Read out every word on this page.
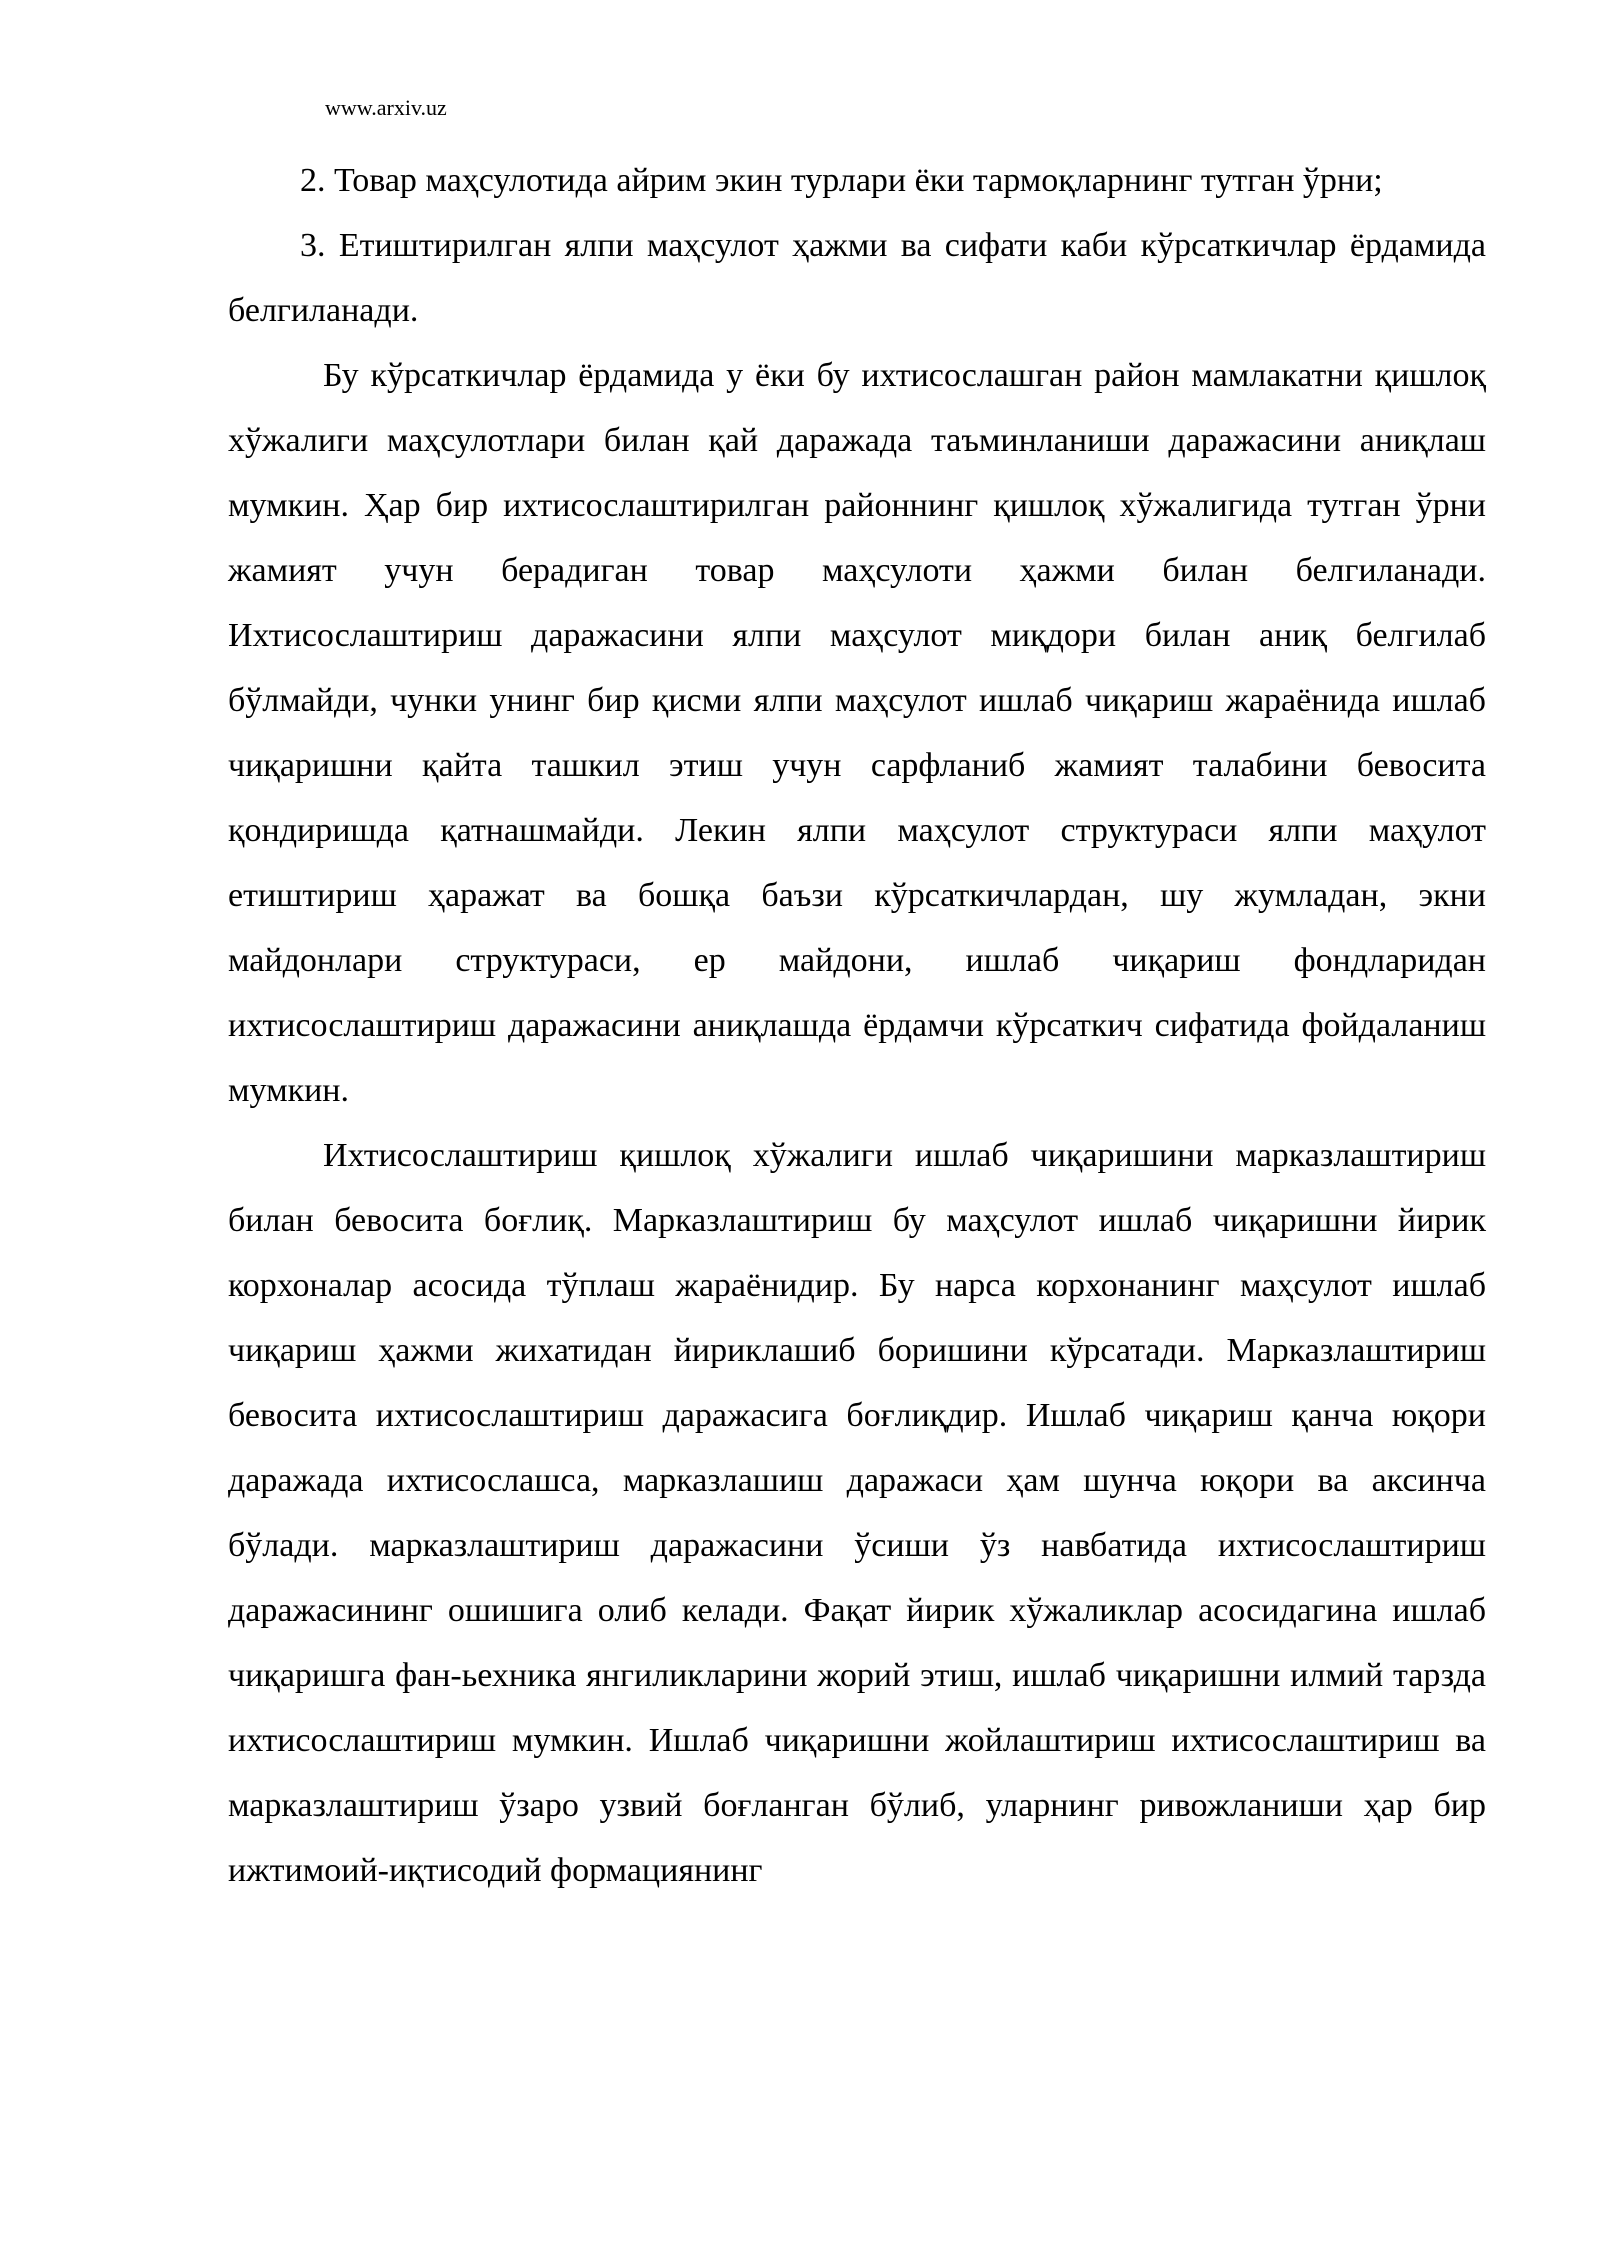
www.arxiv.uz

2. Товар маҳсулотида айрим экин турлари ёки тармоқларнинг тутган ўрни;

3. Етиштирилган ялпи маҳсулот ҳажми ва сифати каби кўрсаткичлар ёрдамида белгиланади.

Бу кўрсаткичлар ёрдамида у ёки бу ихтисослашган район мамлакатни қишлоқ хўжалиги маҳсулотлари билан қай даражада таъминланиши даражасини аниқлаш мумкин. Ҳар бир ихтисослаштирилган районнинг қишлоқ хўжалигида тутган ўрни жамият учун берадиган товар маҳсулоти ҳажми билан белгиланади. Ихтисослаштириш даражасини ялпи маҳсулот миқдори билан аниқ белгилаб бўлмайди, чунки унинг бир қисми ялпи маҳсулот ишлаб чиқариш жараёнида ишлаб чиқаришни қайта ташкил этиш учун сарфланиб жамият талабини бевосита қондиришда қатнашмайди. Лекин ялпи маҳсулот структураси ялпи маҳулот етиштириш ҳаражат ва бошқа баъзи кўрсаткичлардан, шу жумладан, экни майдонлари структураси, ер майдони, ишлаб чиқариш фондларидан ихтисослаштириш даражасини аниқлашда ёрдамчи кўрсаткич сифатида фойдаланиш мумкин.

Ихтисослаштириш қишлоқ хўжалиги ишлаб чиқаришини марказлаштириш билан бевосита боғлиқ. Марказлаштириш бу маҳсулот ишлаб чиқаришни йирик корхоналар асосида тўплаш жараёнидир. Бу нарса корхонанинг маҳсулот ишлаб чиқариш ҳажми жихатидан йириклашиб боришини кўрсатади. Марказлаштириш бевосита ихтисослаштириш даражасига боғлиқдир. Ишлаб чиқариш қанча юқори даражада ихтисослашса, марказлашиш даражаси ҳам шунча юқори ва аксинча бўлади. марказлаштириш даражасини ўсиши ўз навбатида ихтисослаштириш даражасининг ошишига олиб келади. Фақат йирик хўжаликлар асосидагина ишлаб чиқаришга фан-ьехника янгиликларини жорий этиш, ишлаб чиқаришни илмий тарзда ихтисослаштириш мумкин. Ишлаб чиқаришни жойлаштириш ихтисослаштириш ва марказлаштириш ўзаро узвий боғланган бўлиб, уларнинг ривожланиши ҳар бир ижтимоий-иқтисодий формациянинг
